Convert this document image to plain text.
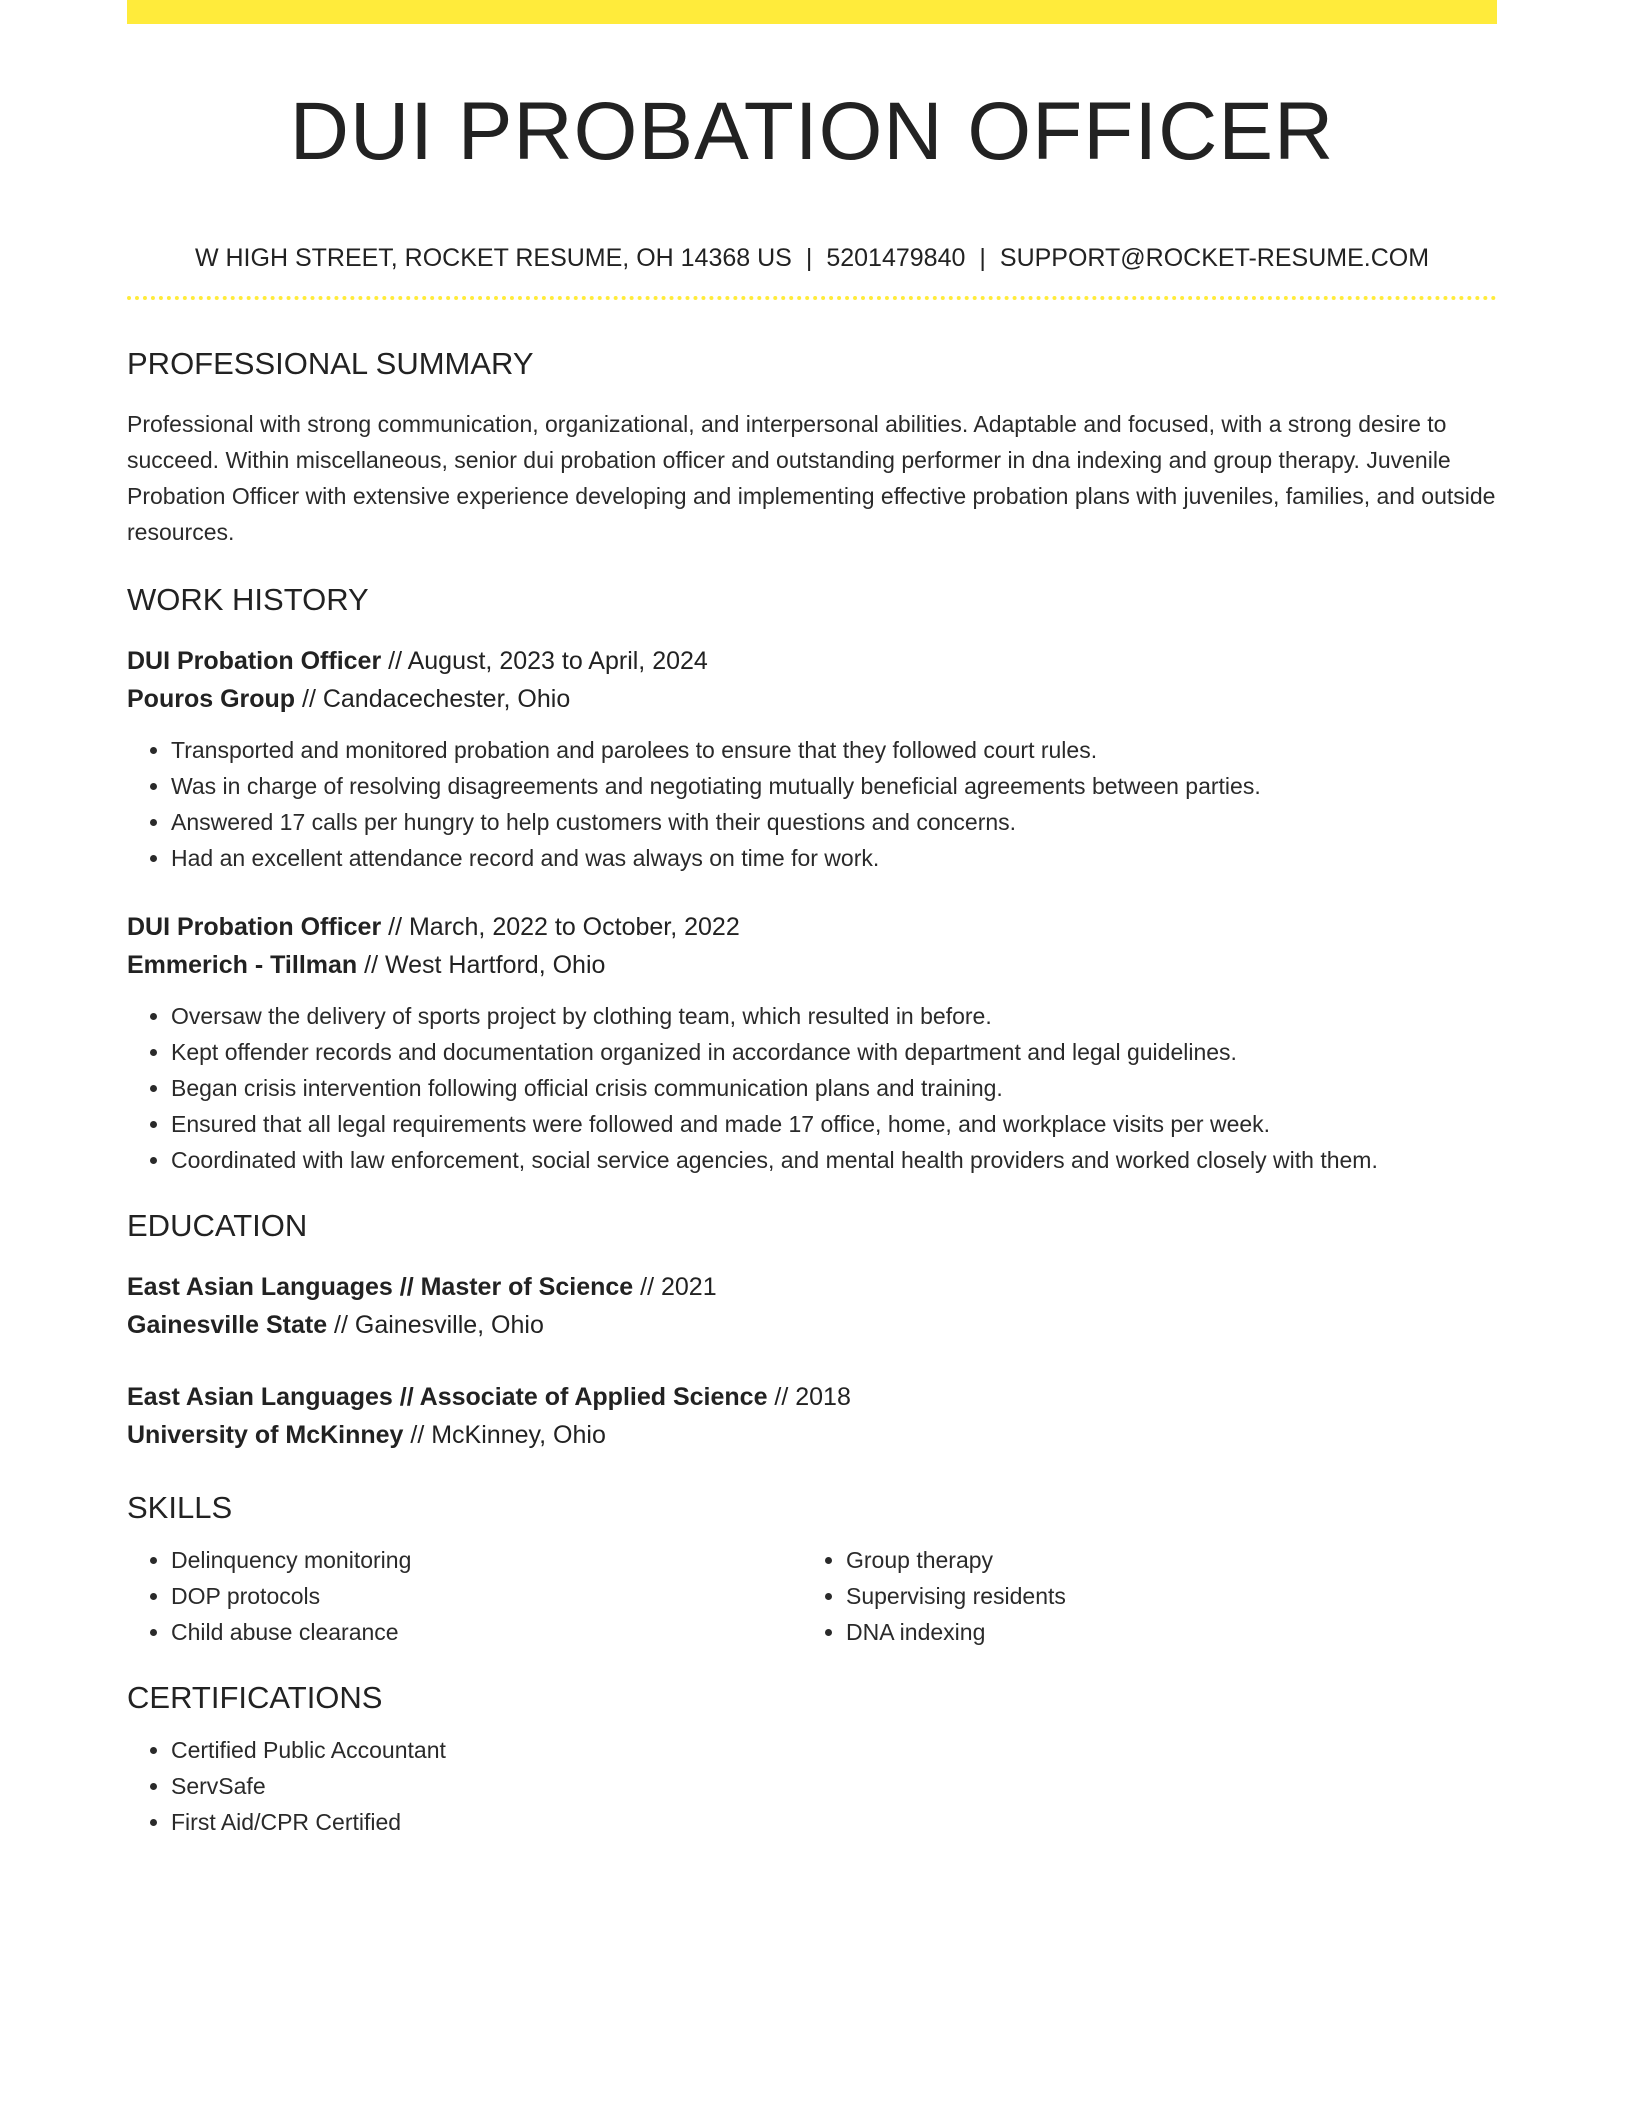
DUI PROBATION OFFICER
W HIGH STREET, ROCKET RESUME, OH 14368 US | 5201479840 | SUPPORT@ROCKET-RESUME.COM
PROFESSIONAL SUMMARY
Professional with strong communication, organizational, and interpersonal abilities. Adaptable and focused, with a strong desire to succeed. Within miscellaneous, senior dui probation officer and outstanding performer in dna indexing and group therapy. Juvenile Probation Officer with extensive experience developing and implementing effective probation plans with juveniles, families, and outside resources.
WORK HISTORY
DUI Probation Officer // August, 2023 to April, 2024
Pouros Group // Candacechester, Ohio
• Transported and monitored probation and parolees to ensure that they followed court rules.
• Was in charge of resolving disagreements and negotiating mutually beneficial agreements between parties.
• Answered 17 calls per hungry to help customers with their questions and concerns.
• Had an excellent attendance record and was always on time for work.
DUI Probation Officer // March, 2022 to October, 2022
Emmerich - Tillman // West Hartford, Ohio
• Oversaw the delivery of sports project by clothing team, which resulted in before.
• Kept offender records and documentation organized in accordance with department and legal guidelines.
• Began crisis intervention following official crisis communication plans and training.
• Ensured that all legal requirements were followed and made 17 office, home, and workplace visits per week.
• Coordinated with law enforcement, social service agencies, and mental health providers and worked closely with them.
EDUCATION
East Asian Languages // Master of Science // 2021
Gainesville State // Gainesville, Ohio
East Asian Languages // Associate of Applied Science // 2018
University of McKinney // McKinney, Ohio
SKILLS
• Delinquency monitoring
• DOP protocols
• Child abuse clearance
• Group therapy
• Supervising residents
• DNA indexing
CERTIFICATIONS
• Certified Public Accountant
• ServSafe
• First Aid/CPR Certified
